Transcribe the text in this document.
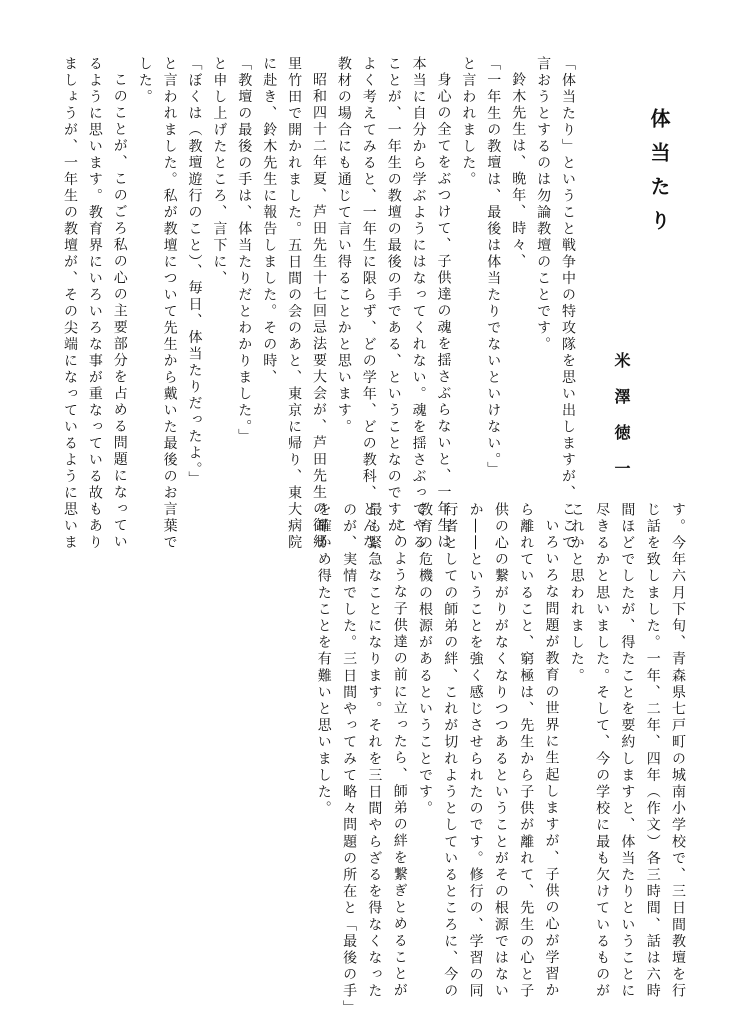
体当たり
米澤徳一
「体当たり」ということ戦争中の特攻隊を思い出しますが、ここで
言おうとするのは勿論教壇のことです。
鈴木先生は、晩年、時々、
「一年生の教壇は、最後は体当たりでないといけない。」
と言われました。
身心の全てをぶつけて、子供達の魂を揺さぶらないと、一年生は
本当に自分から学ぶようにはなってくれない。魂を揺さぶってやる
ことが、一年生の教壇の最後の手である、ということなのですが、
よく考えてみると、一年生に限らず、どの学年、どの教科、どんな
教材の場合にも通じて言い得ることかと思います。
昭和四十二年夏、芦田先生十七回忌法要大会が、芦田先生の御郷
里竹田で開かれました。五日間の会のあと、東京に帰り、東大病院
に赴き、鈴木先生に報告しました。その時、
「教壇の最後の手は、体当たりだとわかりました。」
と申し上げたところ、言下に、
「ぼくは（教壇遊行のこと）、毎日、体当たりだったよ。」
と言われました。私が教壇について先生から戴いた最後のお言葉で
した。
このことが、このごろ私の心の主要部分を占める問題になってい
るように思います。教育界にいろいろな事が重なっている故もあり
ましょうが、一年生の教壇が、その尖端になっているように思いま
す。今年六月下旬、青森県七戸町の城南小学校で、三日間教壇を行
じ話を致しました。一年、二年、四年（作文）各三時間、話は六時
間ほどでしたが、得たことを要約しますと、体当たりということに
尽きるかと思いました。そして、今の学校に最も欠けているものが
これかと思われました。
いろいろな問題が教育の世界に生起しますが、子供の心が学習か
ら離れていること、窮極は、先生から子供が離れて、先生の心と子
供の心の繋がりがなくなりつつあるということがその根源ではない
か――ということを強く感じさせられたのです。修行の、学習の同
行者としての師弟の絆、これが切れようとしているところに、今の
教育の危機の根源があるということです。
このような子供達の前に立ったら、師弟の絆を繋ぎとめることが
最も緊急なことになります。それを三日間やらざるを得なくなった
のが、実情でした。三日間やってみて略々問題の所在と「最後の手」
を確かめ得たことを有難いと思いました。
